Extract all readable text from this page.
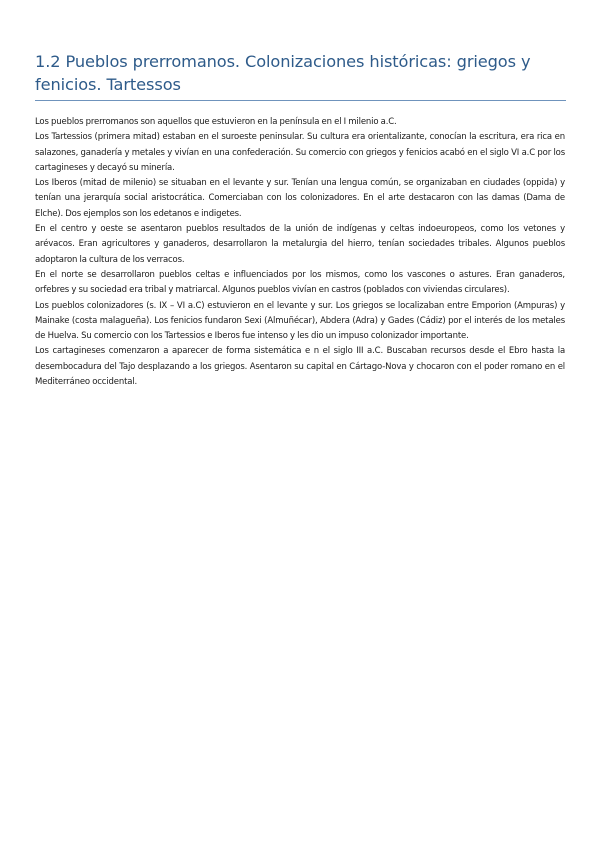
1.2 Pueblos prerromanos. Colonizaciones históricas: griegos y fenicios. Tartessos

Los pueblos prerromanos son aquellos que estuvieron en la península en el I milenio a.C.

Los Tartessios (primera mitad) estaban en el suroeste peninsular. Su cultura era orientalizante, conocían la escritura, era rica en salazones, ganadería y metales y vivían en una confederación. Su comercio con griegos y fenicios acabó en el siglo VI a.C por los cartagineses y decayó su minería.

Los Iberos (mitad de milenio) se situaban en el levante y sur. Tenían una lengua común, se organizaban en ciudades (oppida) y tenían una jerarquía social aristocrática. Comerciaban con los colonizadores. En el arte destacaron con las damas (Dama de Elche). Dos ejemplos son los edetanos e indigetes.

En el centro y oeste se asentaron pueblos resultados de la unión de indígenas y celtas indoeuropeos, como los vetones y arévacos. Eran agricultores y ganaderos, desarrollaron la metalurgia del hierro, tenían sociedades tribales. Algunos pueblos adoptaron la cultura de los verracos.

En el norte se desarrollaron pueblos celtas e influenciados por los mismos, como los vascones o astures. Eran ganaderos, orfebres y su sociedad era tribal y matriarcal. Algunos pueblos vivían en castros (poblados con viviendas circulares).

Los pueblos colonizadores (s. IX – VI a.C) estuvieron en el levante y sur. Los griegos se localizaban entre Emporion (Ampuras) y Mainake (costa malagueña). Los fenicios fundaron Sexi (Almuñécar), Abdera (Adra) y Gades (Cádiz) por el interés de los metales de Huelva. Su comercio con los Tartessios e Iberos fue intenso y les dio un impuso colonizador importante.

Los cartagineses comenzaron a aparecer de forma sistemática e n el siglo III a.C. Buscaban recursos desde el Ebro hasta la desembocadura del Tajo desplazando a los griegos. Asentaron su capital en Cártago-Nova y chocaron con el poder romano en el Mediterráneo occidental.
